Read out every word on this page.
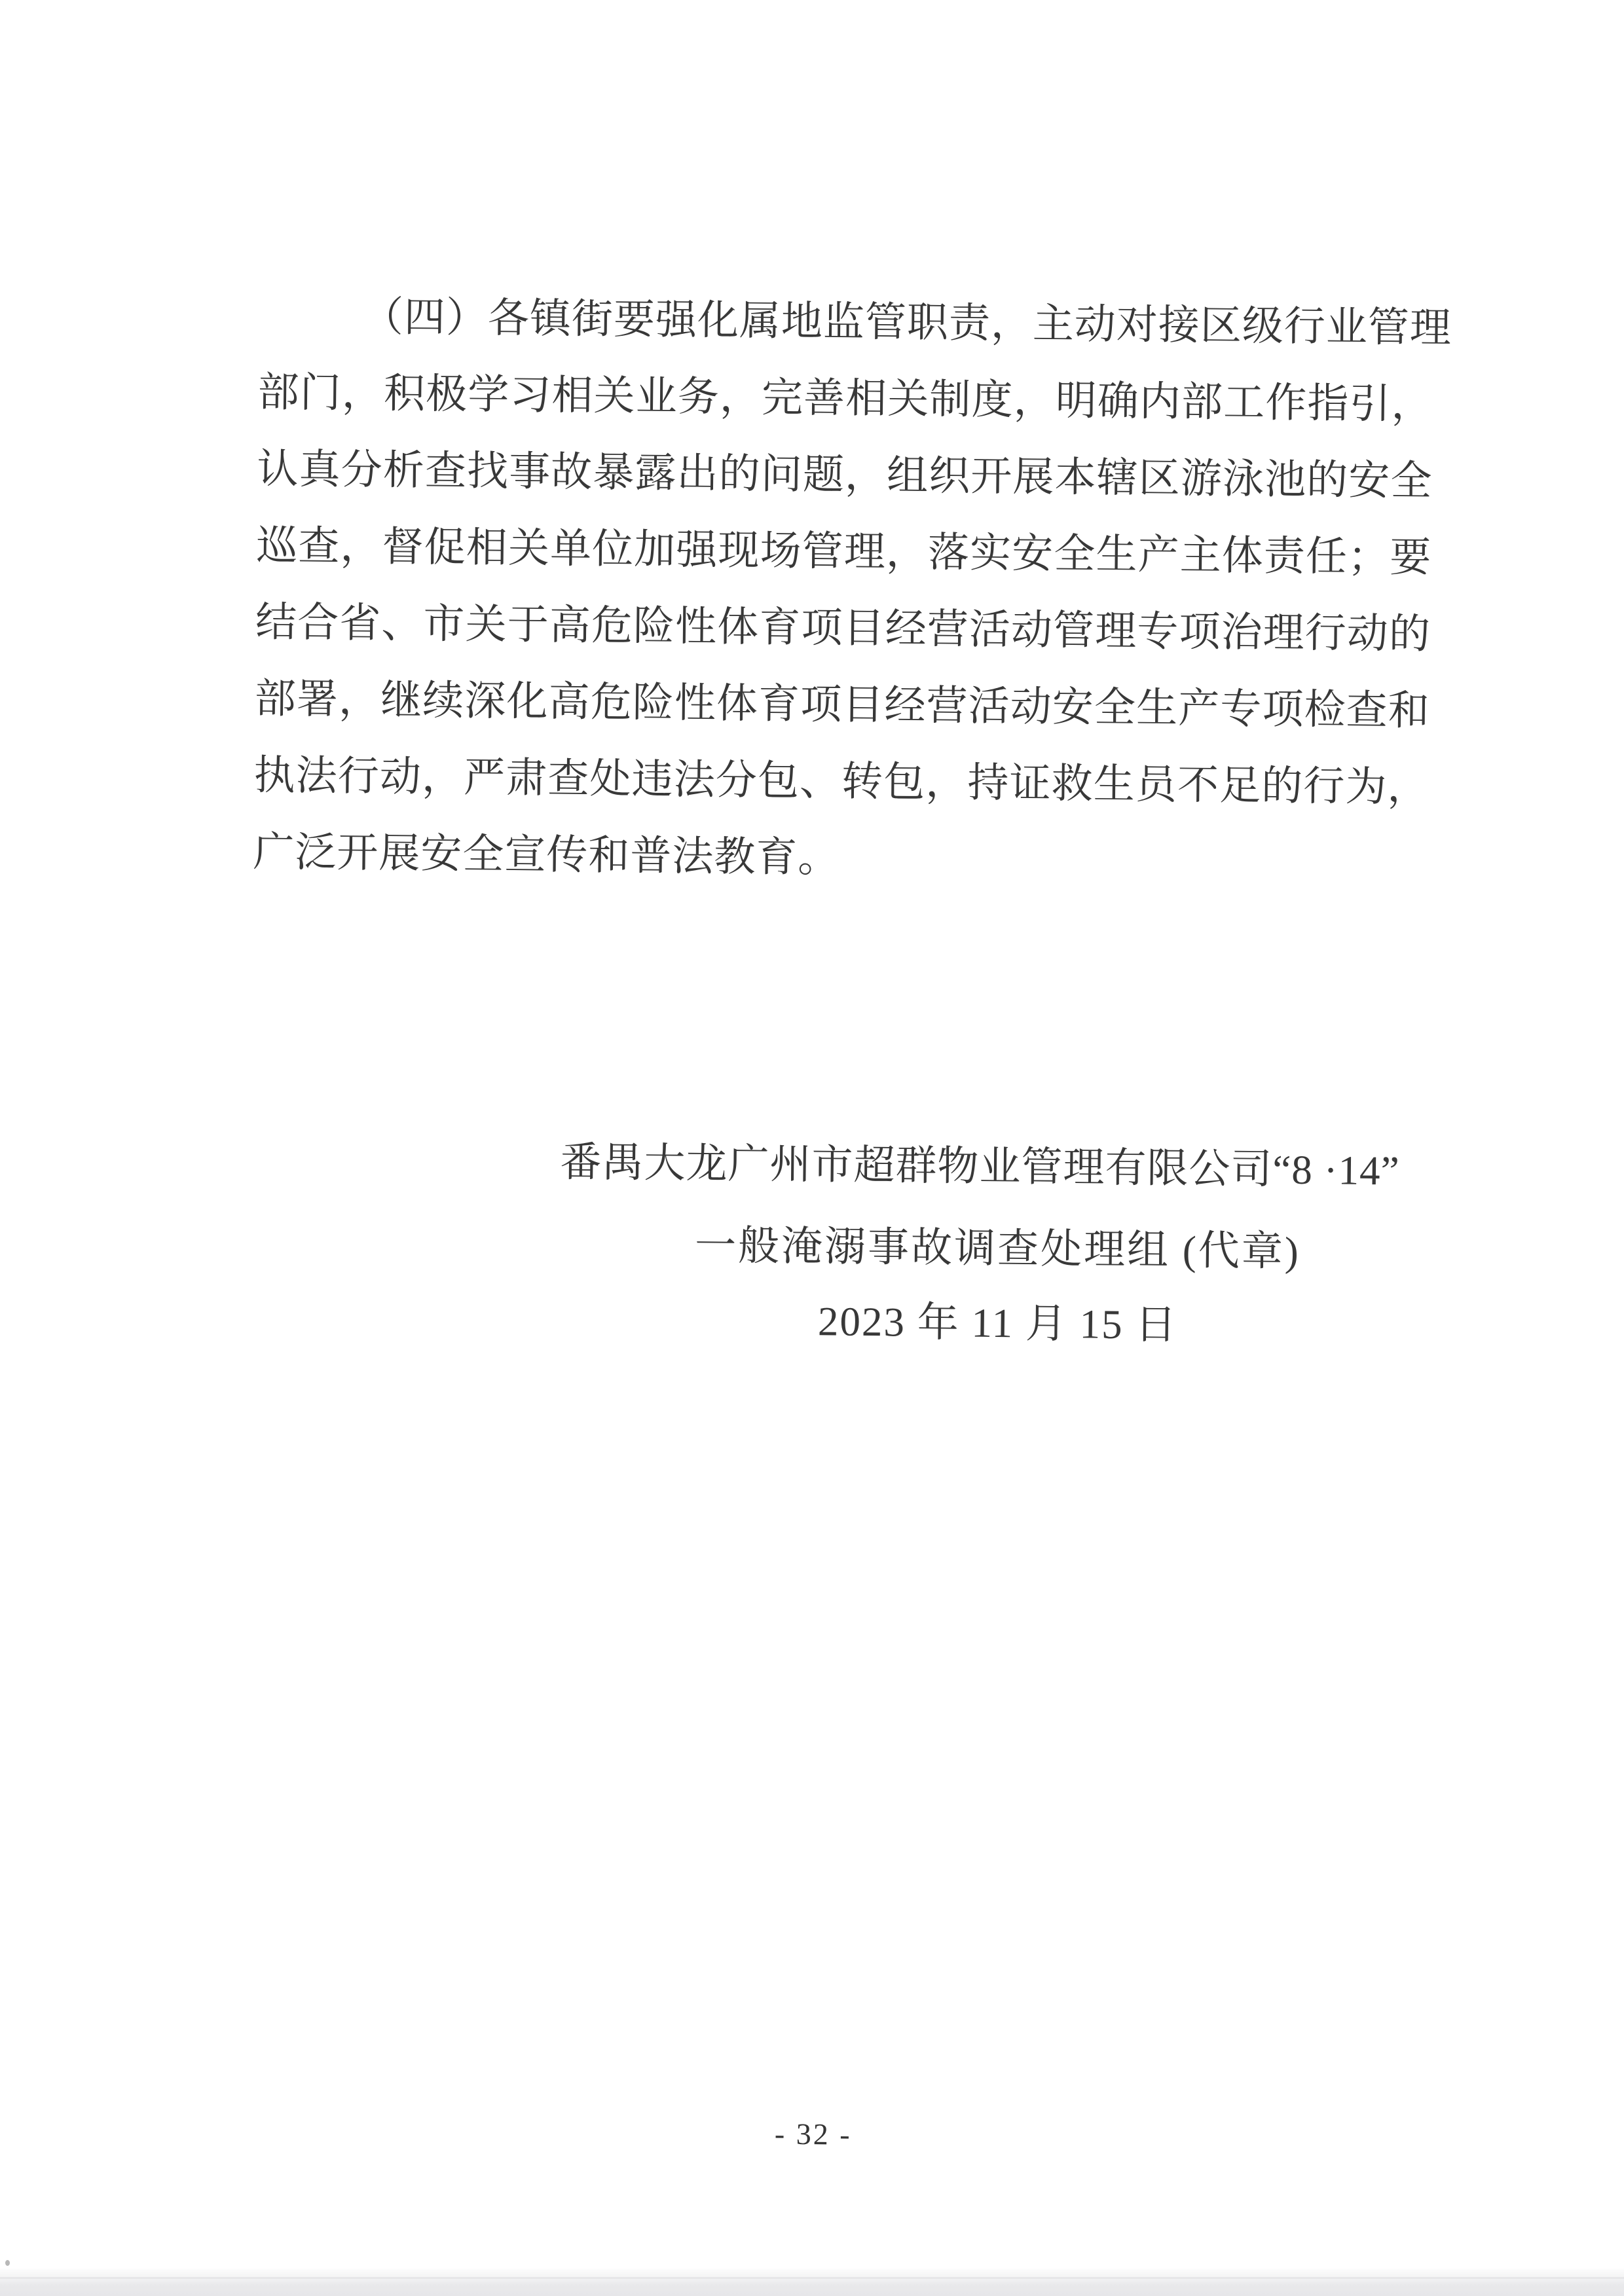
（四）各镇街要强化属地监管职责，主动对接区级行业管理
部门，积极学习相关业务，完善相关制度，明确内部工作指引，
认真分析查找事故暴露出的问题，组织开展本辖区游泳池的安全
巡查，督促相关单位加强现场管理，落实安全生产主体责任；要
结合省、市关于高危险性体育项目经营活动管理专项治理行动的
部署，继续深化高危险性体育项目经营活动安全生产专项检查和
执法行动，严肃查处违法分包、转包，持证救生员不足的行为，
广泛开展安全宣传和普法教育。
番禺大龙广州市超群物业管理有限公司“8 ·14”
一般淹溺事故调查处理组 (代章)
2023 年 11 月 15 日
- 32 -
